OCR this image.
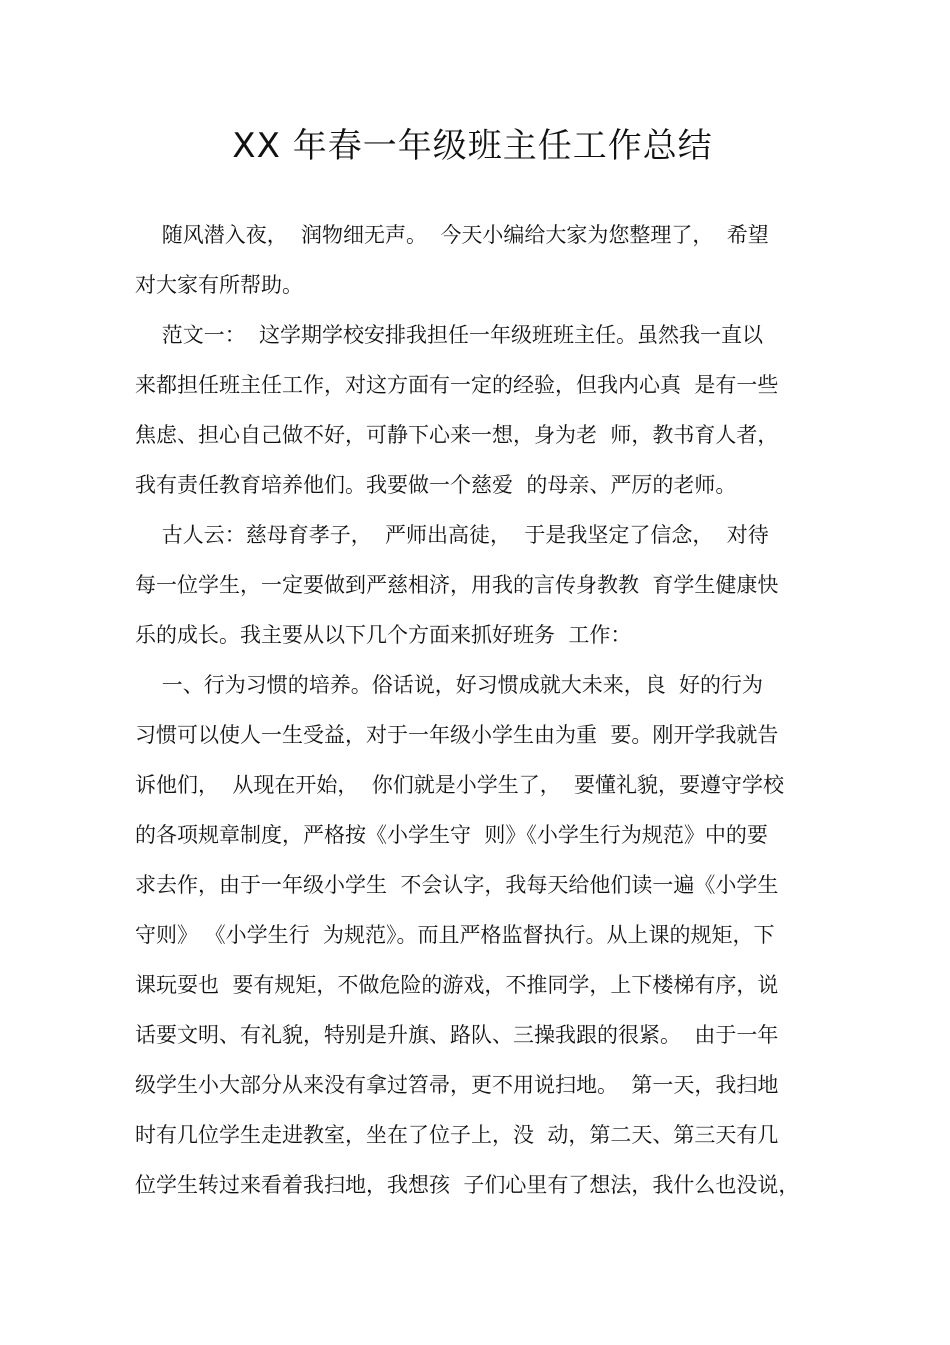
XX 年春一年级班主任工作总结
随风潜入夜，  润物细无声。  今天小编给大家为您整理了，  希望
对大家有所帮助。
范文一：  这学期学校安排我担任一年级班班主任。虽然我一直以
来都担任班主任工作，对这方面有一定的经验，但我内心真  是有一些
焦虑、担心自己做不好，可静下心来一想，身为老  师，教书育人者，
我有责任教育培养他们。我要做一个慈爱  的母亲、严厉的老师。
古人云：慈母育孝子，  严师出高徒，  于是我坚定了信念，  对待
每一位学生，一定要做到严慈相济，用我的言传身教教  育学生健康快
乐的成长。我主要从以下几个方面来抓好班务  工作：
一、行为习惯的培养。俗话说，好习惯成就大未来，良  好的行为
习惯可以使人一生受益，对于一年级小学生由为重  要。刚开学我就告
诉他们，  从现在开始，  你们就是小学生了，  要懂礼貌，要遵守学校
的各项规章制度，严格按《小学生守  则》《小学生行为规范》中的要
求去作，由于一年级小学生  不会认字，我每天给他们读一遍《小学生
守则》 《小学生行  为规范》。而且严格监督执行。从上课的规矩，下
课玩耍也  要有规矩，不做危险的游戏，不推同学，上下楼梯有序，说
话要文明、有礼貌，特别是升旗、路队、三操我跟的很紧。  由于一年
级学生小大部分从来没有拿过笤帚，更不用说扫地。  第一天，我扫地
时有几位学生走进教室，坐在了位子上，没  动，第二天、第三天有几
位学生转过来看着我扫地，我想孩  子们心里有了想法，我什么也没说，
